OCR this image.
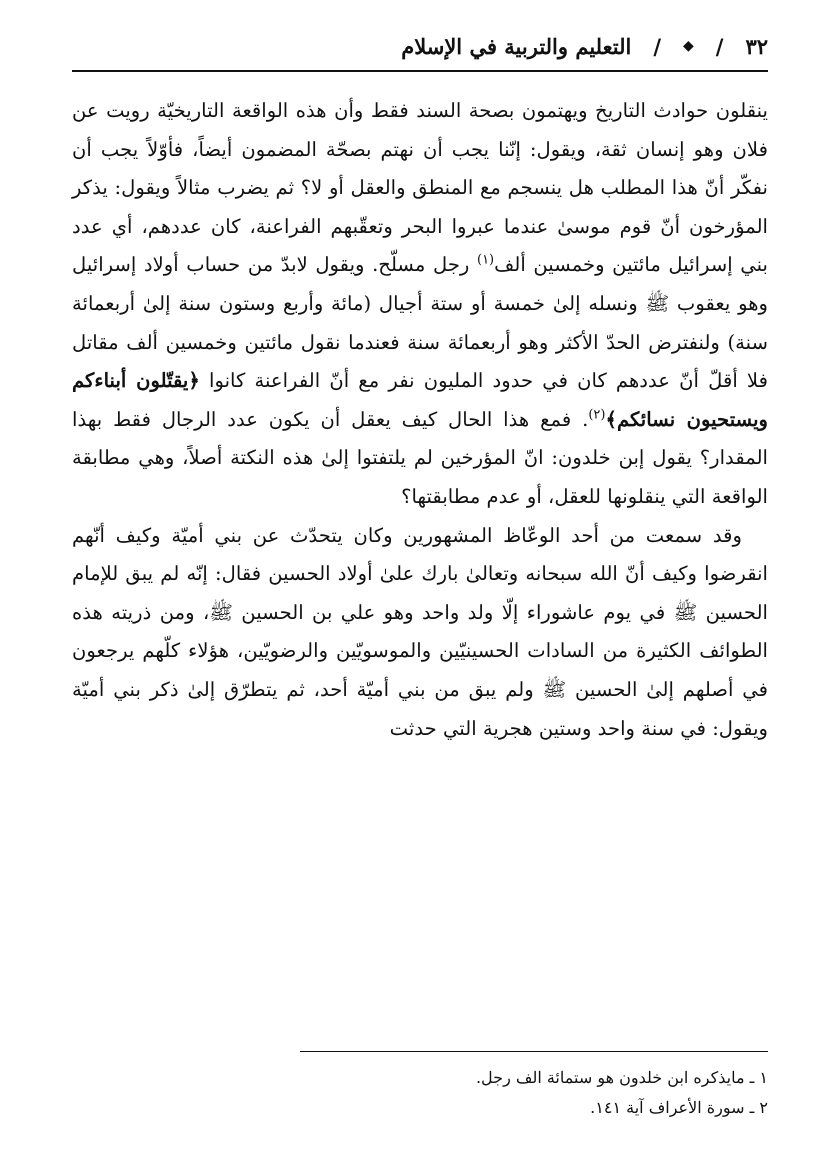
٣٢
/
◆
/
التعليم والتربية في الإسلام

ينقلون حوادث التاريخ ويهتمون بصحة السند فقط وأن هذه الواقعة التاريخيّة رويت عن فلان وهو إنسان ثقة، ويقول: إنّنا يجب أن نهتم بصحّة المضمون أيضاً، فأوّلاً يجب أن نفكّر أنّ هذا المطلب هل ينسجم مع المنطق والعقل أو لا؟ ثم يضرب مثالاً ويقول: يذكر المؤرخون أنّ قوم موسىٰ عندما عبروا البحر وتعقّبهم الفراعنة، كان عددهم، أي عدد بني إسرائيل مائتين وخمسين ألف$^{(١)}$ رجل مسلّح. ويقول لابدّ من حساب أولاد إسرائيل وهو يعقوب ﷺ ونسله إلىٰ خمسة أو ستة أجيال (مائة وأربع وستون سنة إلىٰ أربعمائة سنة) ولنفترض الحدّ الأكثر وهو أربعمائة سنة فعندما نقول مائتين وخمسين ألف مقاتل فلا أقلّ أنّ عددهم كان في حدود المليون نفر مع أنّ الفراعنة كانوا ﴿يقتّلون أبناءكم ويستحيون نسائكم﴾$^{(٢)}$. فمع هذا الحال كيف يعقل أن يكون عدد الرجال فقط بهذا المقدار؟ يقول إبن خلدون: انّ المؤرخين لم يلتفتوا إلىٰ هذه النكتة أصلاً، وهي مطابقة الواقعة التي ينقلونها للعقل، أو عدم مطابقتها؟

وقد سمعت من أحد الوعّاظ المشهورين وكان يتحدّث عن بني أميّة وكيف أنّهم انقرضوا وكيف أنّ الله سبحانه وتعالىٰ بارك علىٰ أولاد الحسين فقال: إنّه لم يبق للإمام الحسين ﷺ في يوم عاشوراء إلّا ولد واحد وهو علي بن الحسين ﷺ، ومن ذريته هذه الطوائف الكثيرة من السادات الحسينيّين والموسويّين والرضويّين، هؤلاء كلّهم يرجعون في أصلهم إلىٰ الحسين ﷺ ولم يبق من بني أميّة أحد، ثم يتطرّق إلىٰ ذكر بني أميّة ويقول: في سنة واحد وستين هجرية التي حدثت

١ ـ مايذكره ابن خلدون هو ستمائة الف رجل.
٢ ـ سورة الأعراف آية ١٤١.
